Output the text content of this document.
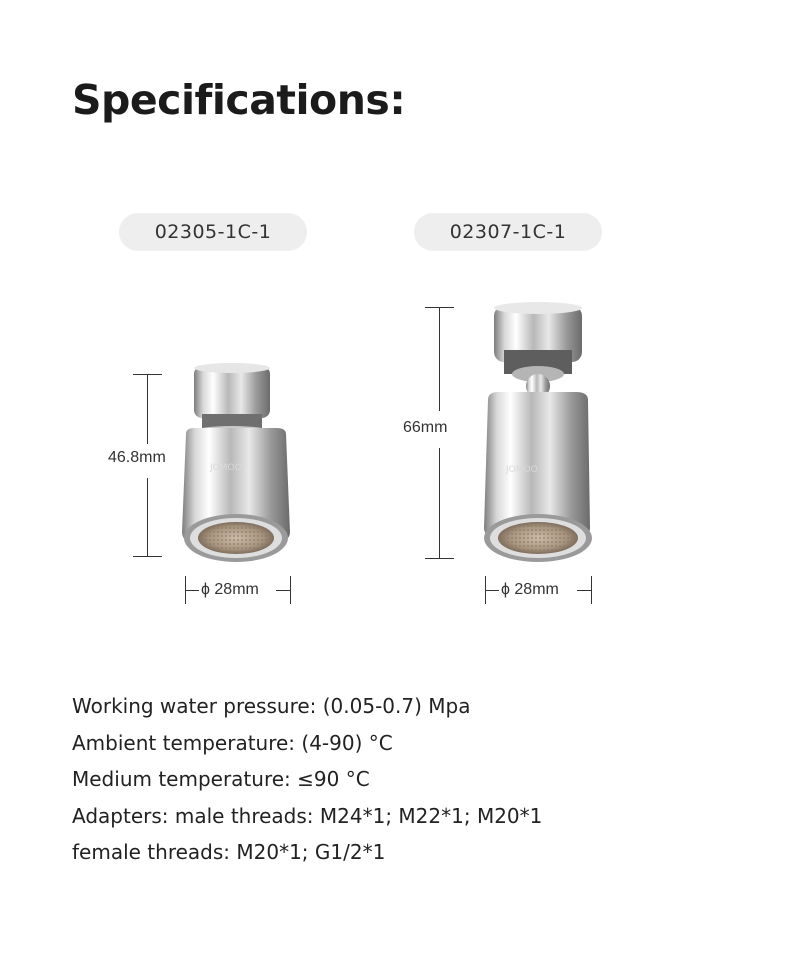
Specifications:
02305-1C-1	02307-1C-1
46.8mm
JOMOO
ϕ 28mm
66mm
JOMOO
ϕ 28mm
Working water pressure: (0.05-0.7) Mpa
Ambient temperature: (4-90) °C
Medium temperature: ≤90 °C
Adapters: male threads: M24*1; M22*1; M20*1
female threads: M20*1; G1/2*1
